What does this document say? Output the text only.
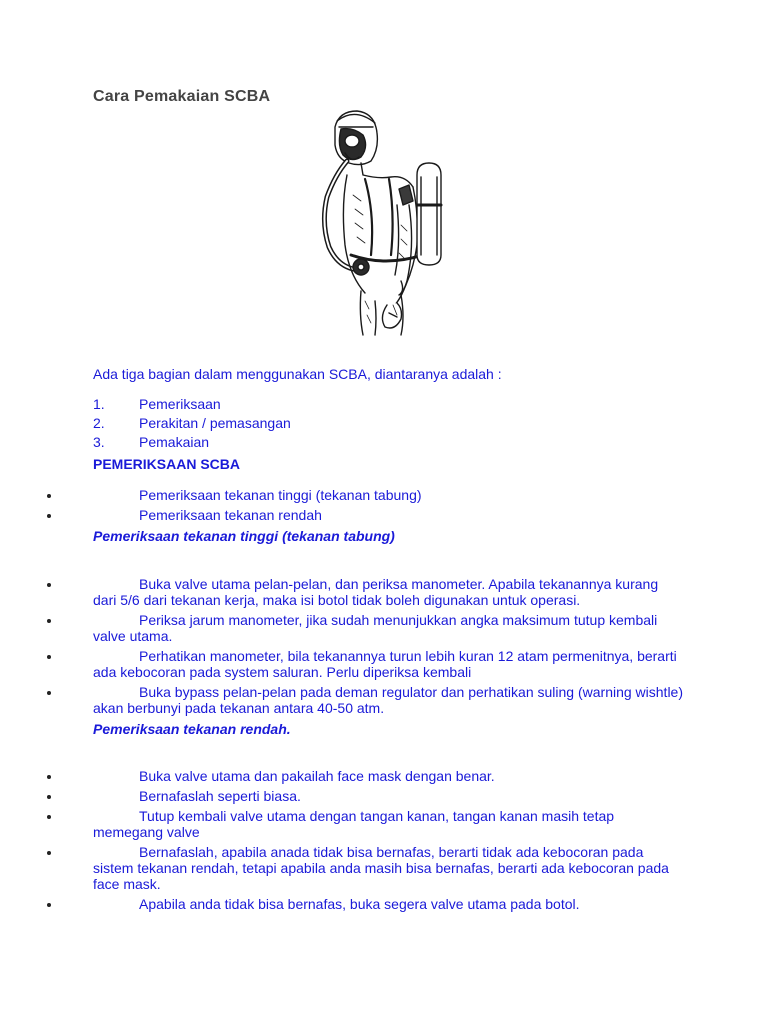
Cara Pemakaian SCBA

Ada tiga bagian dalam menggunakan SCBA, diantaranya adalah :

1. Pemeriksaan
2. Perakitan / pemasangan
3. Pemakaian
PEMERIKSAAN SCBA
Pemeriksaan tekanan tinggi (tekanan tabung)
Pemeriksaan tekanan rendah
Pemeriksaan tekanan tinggi (tekanan tabung)
Buka valve utama pelan-pelan, dan periksa manometer. Apabila tekanannya kurang dari 5/6 dari tekanan kerja, maka isi botol tidak boleh digunakan untuk operasi.
Periksa jarum manometer, jika sudah menunjukkan angka maksimum tutup kembali valve utama.
Perhatikan manometer, bila tekanannya turun lebih kuran 12 atam permenitnya, berarti ada kebocoran pada system saluran. Perlu diperiksa kembali
Buka bypass pelan-pelan pada deman regulator dan perhatikan suling (warning wishtle) akan berbunyi pada tekanan antara 40-50 atm.
Pemeriksaan tekanan rendah.
Buka valve utama dan pakailah face mask dengan benar.
Bernafaslah seperti biasa.
Tutup kembali valve utama dengan tangan kanan, tangan kanan masih tetap memegang valve
Bernafaslah, apabila anada tidak bisa bernafas, berarti tidak ada kebocoran pada sistem tekanan rendah, tetapi apabila anda masih bisa bernafas, berarti ada kebocoran pada face mask.
Apabila anda tidak bisa bernafas, buka segera valve utama pada botol.
